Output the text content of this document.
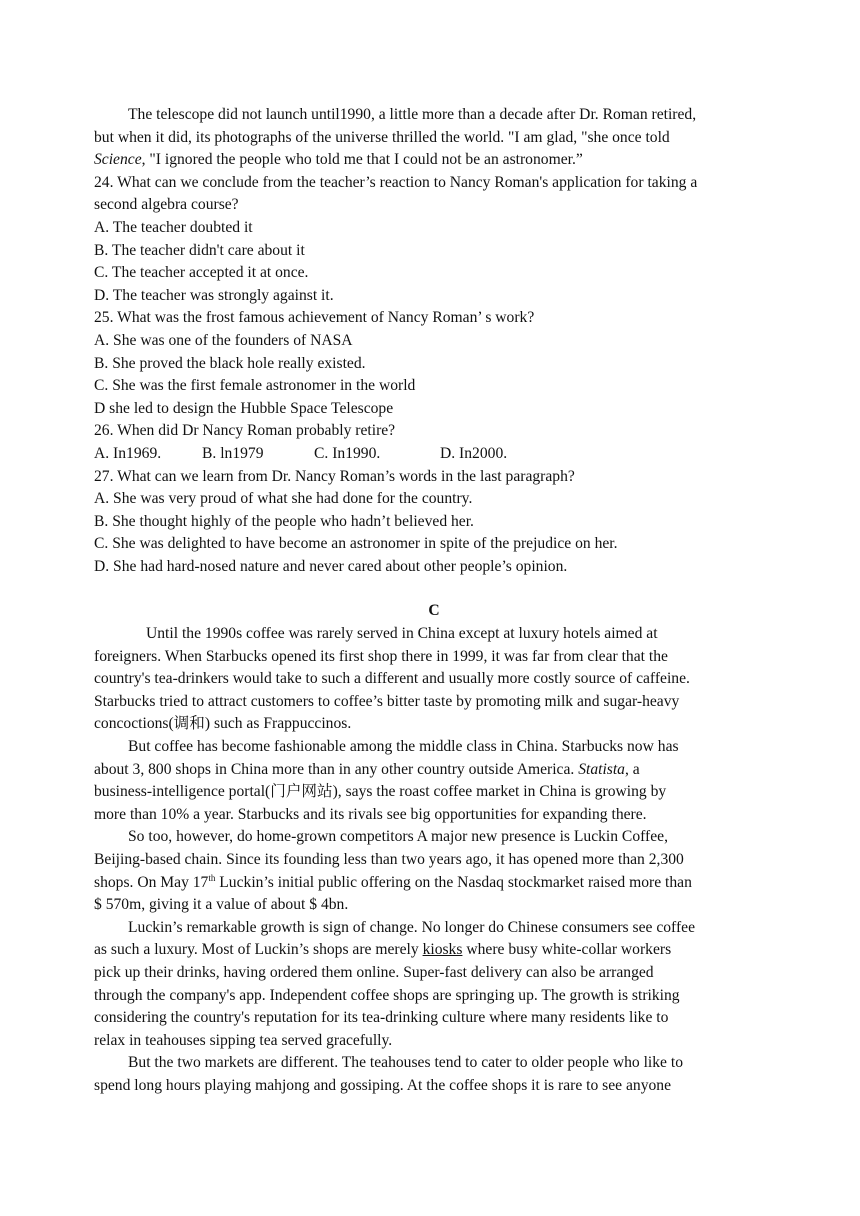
The telescope did not launch until1990, a little more than a decade after Dr. Roman retired,

but when it did, its photographs of the universe thrilled the world. "I am glad, "she once told

Science, "I ignored the people who told me that I could not be an astronomer.”

24. What can we conclude from the teacher’s reaction to Nancy Roman's application for taking a

second algebra course?

A. The teacher doubted it

B. The teacher didn't care about it

C. The teacher accepted it at once.

D. The teacher was strongly against it.

25. What was the frost famous achievement of Nancy Roman’ s work?

A. She was one of the founders of NASA

B. She proved the black hole really existed.

C. She was the first female astronomer in the world

D she led to design the Hubble Space Telescope

26. When did Dr Nancy Roman probably retire?

A. In1969.	B. ln1979	C. In1990.	D. In2000.

27. What can we learn from Dr. Nancy Roman’s words in the last paragraph?

A. She was very proud of what she had done for the country.

B. She thought highly of the people who hadn’t believed her.

C. She was delighted to have become an astronomer in spite of the prejudice on her.

D. She had hard-nosed nature and never cared about other people’s opinion.

C

Until the 1990s coffee was rarely served in China except at luxury hotels aimed at

foreigners. When Starbucks opened its first shop there in 1999, it was far from clear that the

country's tea-drinkers would take to such a different and usually more costly source of caffeine.

Starbucks tried to attract customers to coffee’s bitter taste by promoting milk and sugar-heavy

concoctions(调和) such as Frappuccinos.

But coffee has become fashionable among the middle class in China. Starbucks now has

about 3, 800 shops in China more than in any other country outside America. Statista, a

business-intelligence portal(门户网站), says the roast coffee market in China is growing by

more than 10% a year. Starbucks and its rivals see big opportunities for expanding there.

So too, however, do home-grown competitors A major new presence is Luckin Coffee,

Beijing-based chain. Since its founding less than two years ago, it has opened more than 2,300

shops. On May 17th Luckin’s initial public offering on the Nasdaq stockmarket raised more than

$ 570m, giving it a value of about $ 4bn.

Luckin’s remarkable growth is sign of change. No longer do Chinese consumers see coffee

as such a luxury. Most of Luckin’s shops are merely kiosks where busy white-collar workers

pick up their drinks, having ordered them online. Super-fast delivery can also be arranged

through the company's app. Independent coffee shops are springing up. The growth is striking

considering the country's reputation for its tea-drinking culture where many residents like to

relax in teahouses sipping tea served gracefully.

But the two markets are different. The teahouses tend to cater to older people who like to

spend long hours playing mahjong and gossiping. At the coffee shops it is rare to see anyone
